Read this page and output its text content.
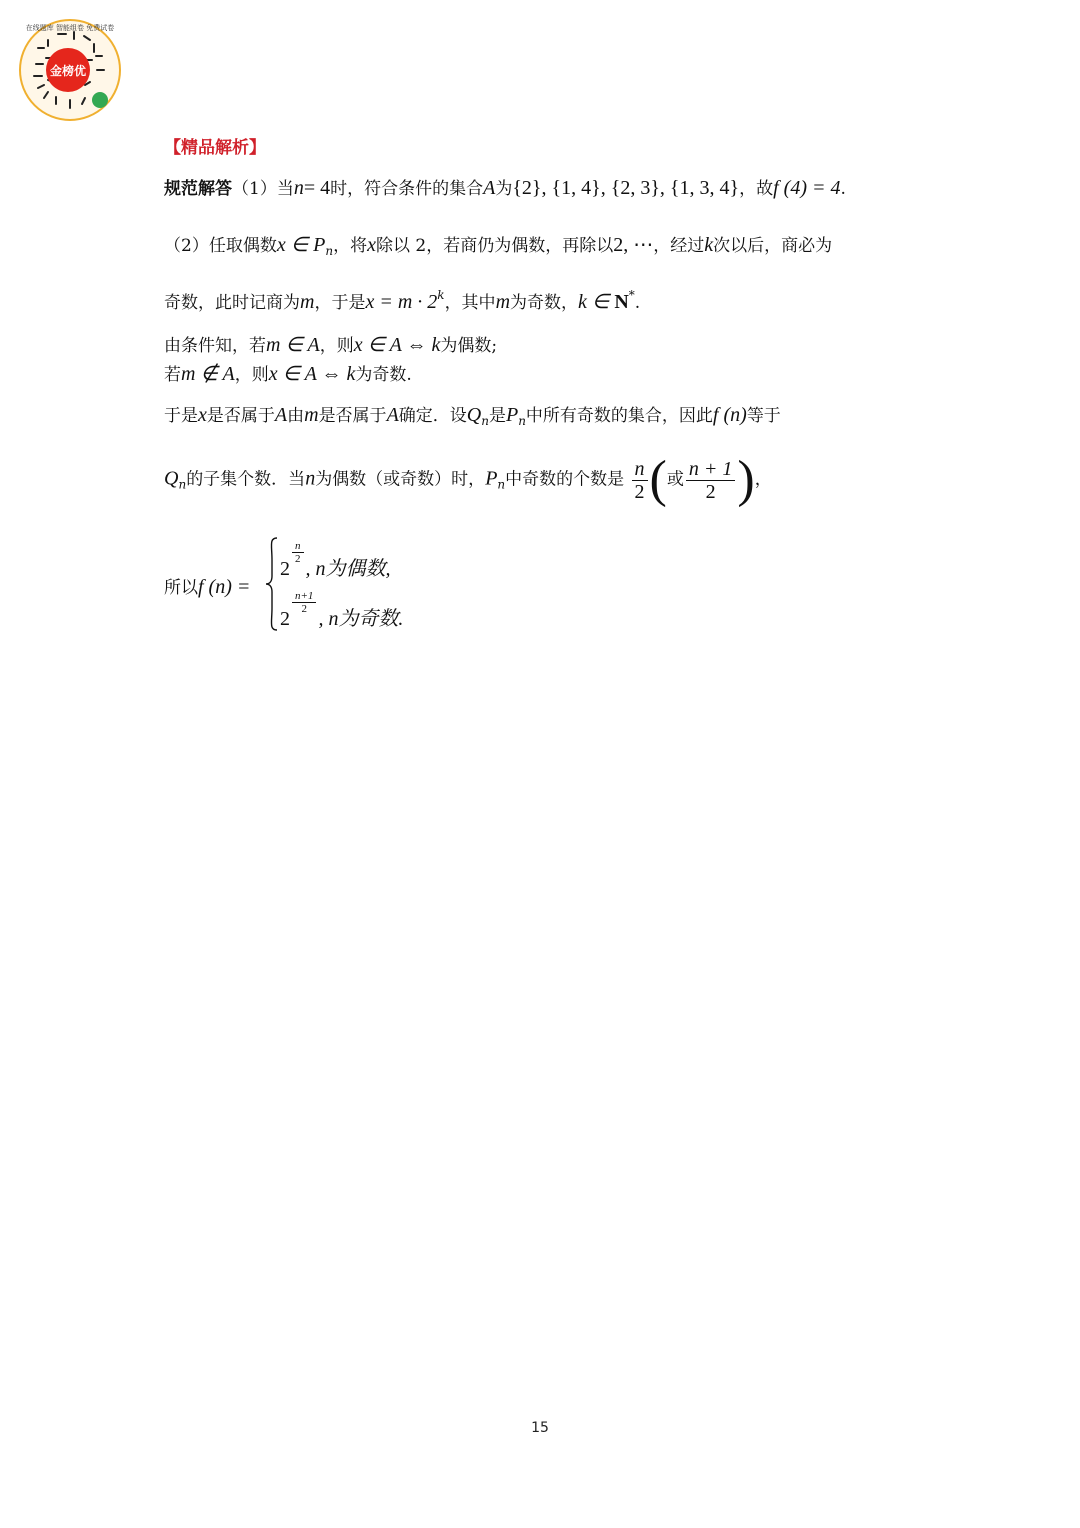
金榜优
在线题库 智能组卷 免费试卷
【精品解析】
规范解答（1）当n= 4时，符合条件的集合A为{2}, {1, 4}, {2, 3}, {1, 3, 4}，故f (4) = 4.
（2）任取偶数x ∈ $P_n$，将x除以 2，若商仍为偶数，再除以2, ⋯，经过k次以后，商必为
奇数，此时记商为m，于是$x = m \cdot 2^k$，其中m为奇数，k ∈ N*.
由条件知，若m ∈ A，则x ∈ A ⇔ k为偶数;
若m ∉ A，则x ∈ A ⇔ k为奇数.
于是x是否属于A由m是否属于A确定．设$Q_n$是$P_n$中所有奇数的集合，因此f (n)等于
$Q_n$的子集个数．当n为偶数（或奇数）时，$P_n$中奇数的个数是 $\frac{n}{2}$ (或 $\frac{n + 1}{2}$ )，
所以f (n) =
2
$\frac{n}{2}$
, n为偶数,
2
$\frac{n+1}{2}$
, n为奇数.
15
